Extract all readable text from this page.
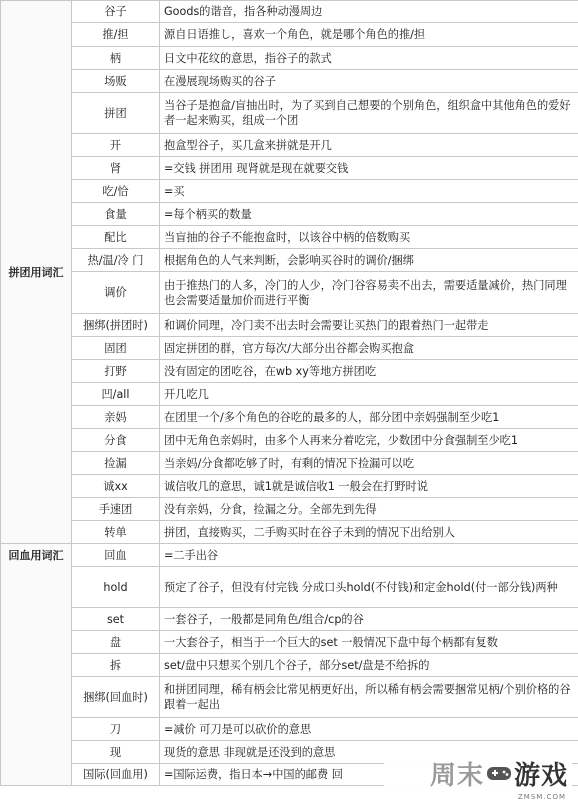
拼团用词汇	谷子	Goods的谐音，指各种动漫周边
	推/担	源自日语推し，喜欢一个角色，就是哪个角色的推/担
	柄	日文中花纹的意思，指谷子的款式
	场贩	在漫展现场购买的谷子
	拼团	当谷子是抱盒/盲抽出时，为了买到自己想要的个别角色，组织盒中其他角色的爱好者一起来购买，组成一个团
	开	抱盒型谷子，买几盒来拼就是开几
	肾	=交钱 拼团用 现肾就是现在就要交钱
	吃/恰	=买
	食量	=每个柄买的数量
	配比	当盲抽的谷子不能抱盒时，以该谷中柄的倍数购买
	热/温/冷 门	根据角色的人气来判断，会影响买谷时的调价/捆绑
	调价	由于推热门的人多，冷门的人少，冷门谷容易卖不出去，需要适量减价，热门同理也会需要适量加价而进行平衡
	捆绑(拼团时)	和调价同理，冷门卖不出去时会需要让买热门的跟着热门一起带走
	固团	固定拼团的群，官方每次/大部分出谷都会购买抱盒
	打野	没有固定的团吃谷，在wb xy等地方拼团吃
	凹/all	开几吃几
	亲妈	在团里一个/多个角色的谷吃的最多的人，部分团中亲妈强制至少吃1
	分食	团中无角色亲妈时，由多个人再来分着吃完，少数团中分食强制至少吃1
	捡漏	当亲妈/分食都吃够了时，有剩的情况下捡漏可以吃
	诚xx	诚信收几的意思，诚1就是诚信收1 一般会在打野时说
	手速团	没有亲妈，分食，捡漏之分。全部先到先得
	转单	拼团，直接购买，二手购买时在谷子未到的情况下出给别人
回血用词汇	回血	=二手出谷
	hold	预定了谷子，但没有付完钱 分成口头hold(不付钱)和定金hold(付一部分钱)两种
	set	一套谷子，一般都是同角色/组合/cp的谷
	盘	一大套谷子，相当于一个巨大的set 一般情况下盘中每个柄都有复数
	拆	set/盘中只想买个别几个谷子，部分set/盘是不给拆的
	捆绑(回血时)	和拼团同理，稀有柄会比常见柄更好出，所以稀有柄会需要捆常见柄/个别价格的谷跟着一起出
	刀	=减价 可刀是可以砍价的意思
	现	现货的意思 非现就是还没到的意思
	国际(回血用)	=国际运费，指日本→中国的邮费 回	周末 游戏
ZMSM.COM
